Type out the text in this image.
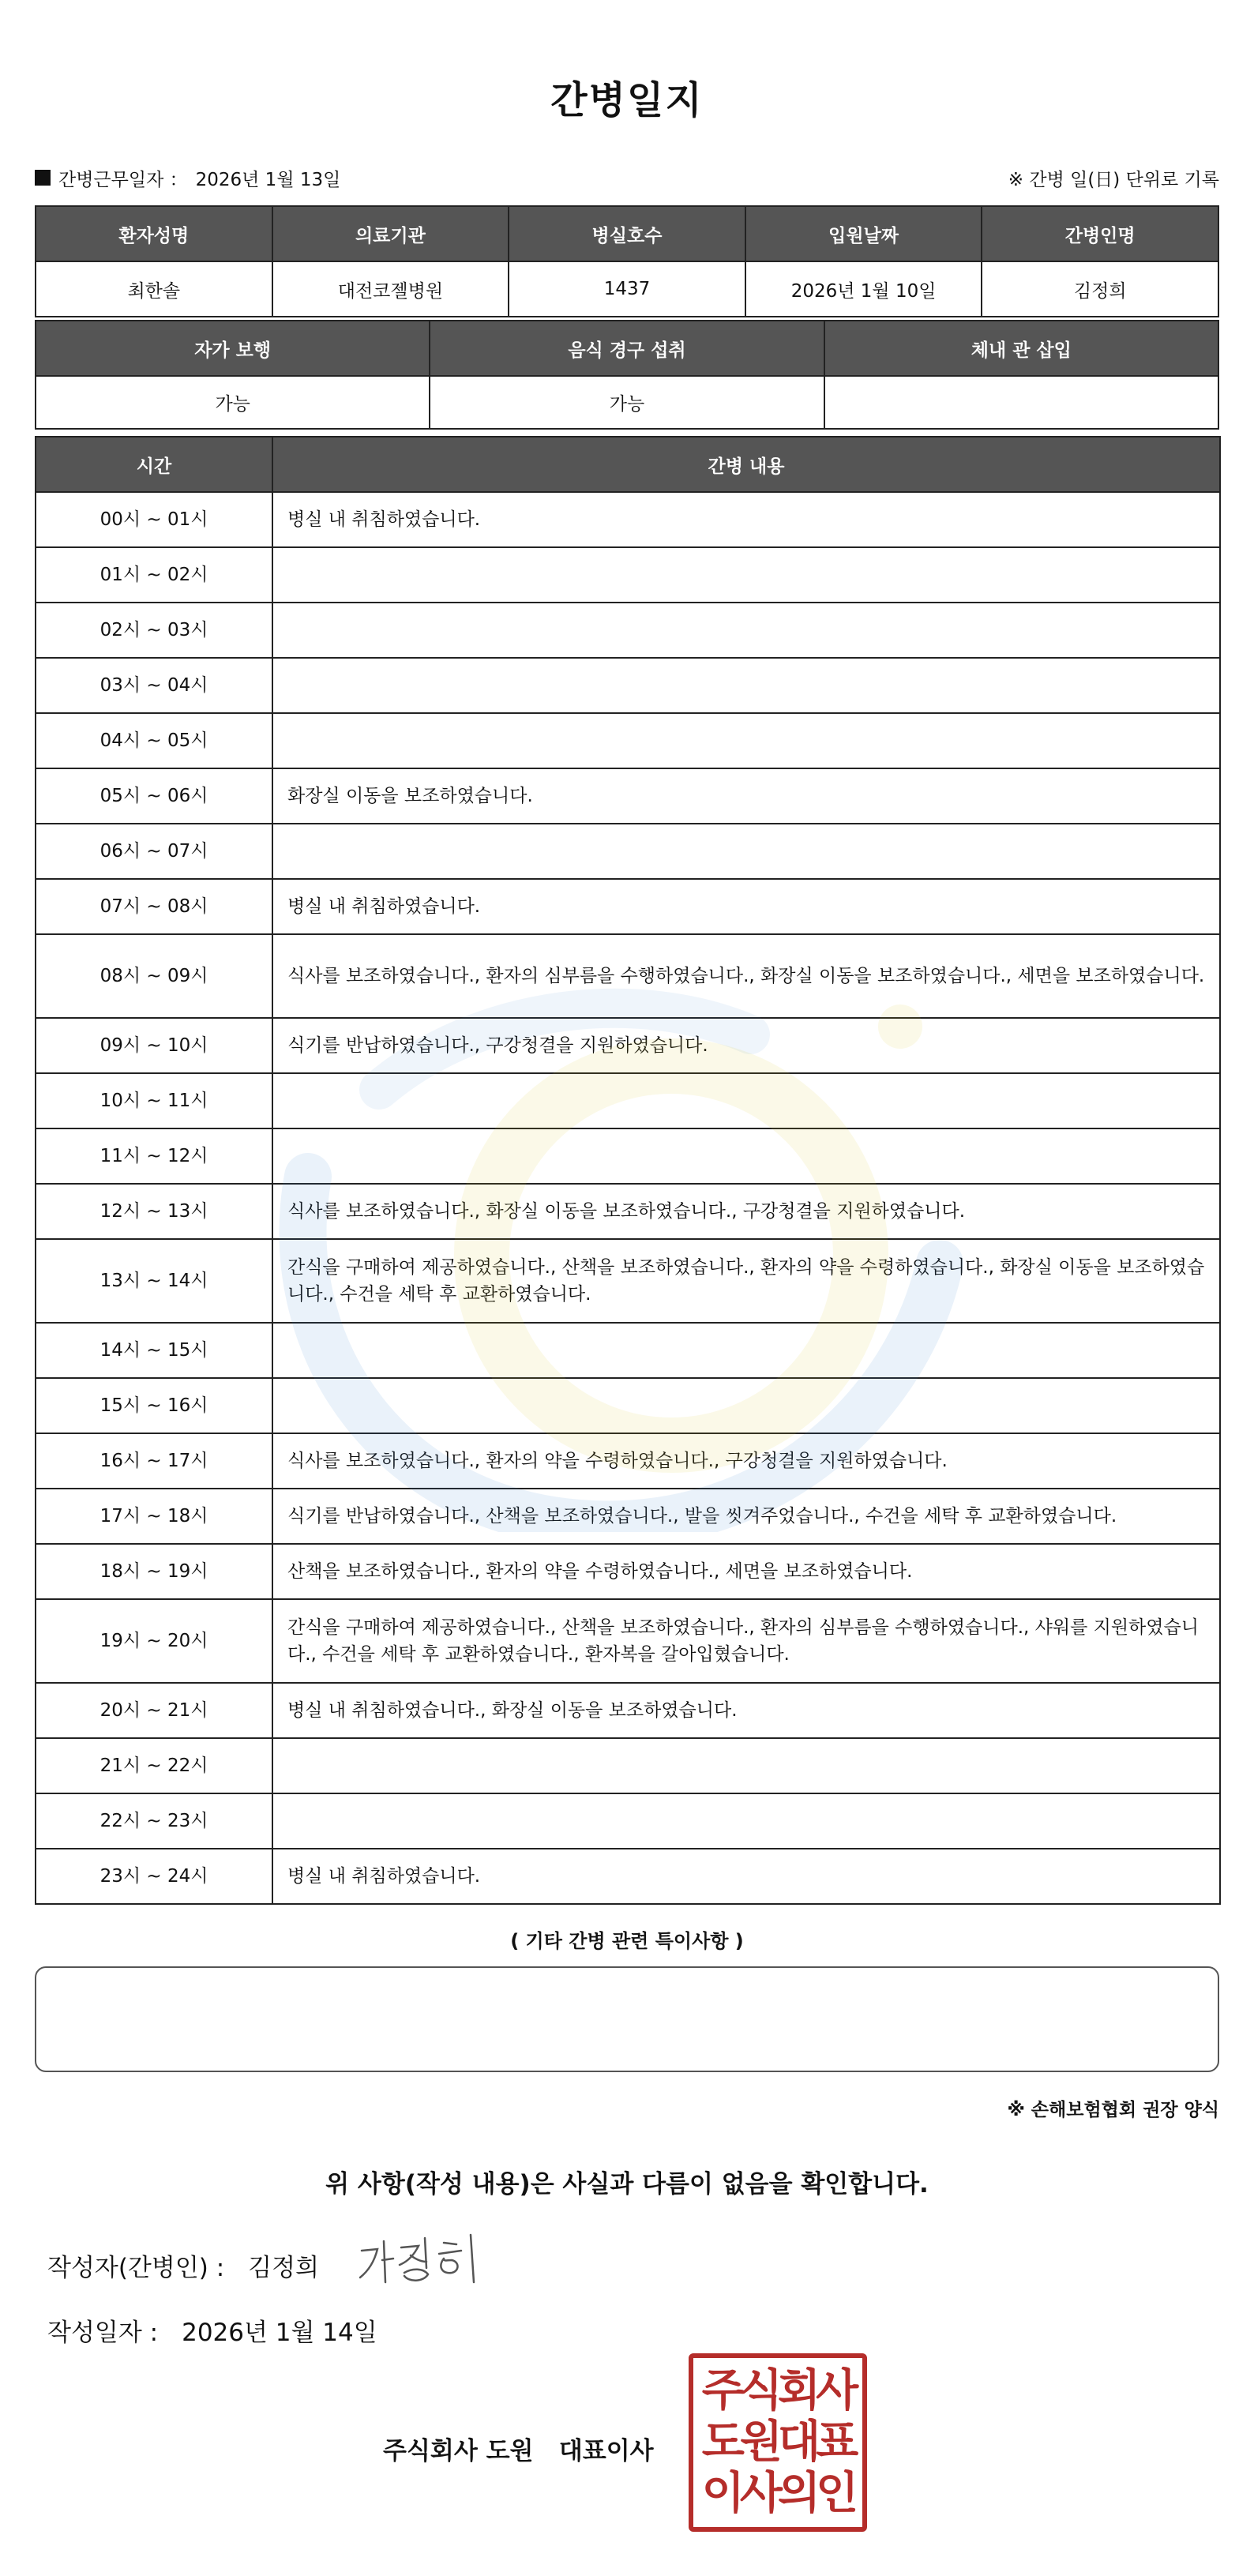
간병일지
간병근무일자 ： 2026년 1월 13일	※ 간병 일(日) 단위로 기록
환자성명	의료기관	병실호수	입원날짜	간병인명
최한솔	대전코젤병원	1437	2026년 1월 10일	김정희
자가 보행	음식 경구 섭취	체내 관 삽입
가능	가능	
시간	간병 내용
00시 ~ 01시	병실 내 취침하였습니다.
01시 ~ 02시	
02시 ~ 03시	
03시 ~ 04시	
04시 ~ 05시	
05시 ~ 06시	화장실 이동을 보조하였습니다.
06시 ~ 07시	
07시 ~ 08시	병실 내 취침하였습니다.
08시 ~ 09시	식사를 보조하였습니다., 환자의 심부름을 수행하였습니다., 화장실 이동을 보조하였습니다., 세면을 보조하였습니다.
09시 ~ 10시	식기를 반납하였습니다., 구강청결을 지원하였습니다.
10시 ~ 11시	
11시 ~ 12시	
12시 ~ 13시	식사를 보조하였습니다., 화장실 이동을 보조하였습니다., 구강청결을 지원하였습니다.
13시 ~ 14시	간식을 구매하여 제공하였습니다., 산책을 보조하였습니다., 환자의 약을 수령하였습니다., 화장실 이동을 보조하였습니다., 수건을 세탁 후 교환하였습니다.
14시 ~ 15시	
15시 ~ 16시	
16시 ~ 17시	식사를 보조하였습니다., 환자의 약을 수령하였습니다., 구강청결을 지원하였습니다.
17시 ~ 18시	식기를 반납하였습니다., 산책을 보조하였습니다., 발을 씻겨주었습니다., 수건을 세탁 후 교환하였습니다.
18시 ~ 19시	산책을 보조하였습니다., 환자의 약을 수령하였습니다., 세면을 보조하였습니다.
19시 ~ 20시	간식을 구매하여 제공하였습니다., 산책을 보조하였습니다., 환자의 심부름을 수행하였습니다., 샤워를 지원하였습니다., 수건을 세탁 후 교환하였습니다., 환자복을 갈아입혔습니다.
20시 ~ 21시	병실 내 취침하였습니다., 화장실 이동을 보조하였습니다.
21시 ~ 22시	
22시 ~ 23시	
23시 ~ 24시	병실 내 취침하였습니다.
( 기타 간병 관련 특이사항 )
※ 손해보험협회 권장 양식
위 사항(작성 내용)은 사실과 다름이 없음을 확인합니다.
작성자(간병인) : 김정희
작성일자 : 2026년 1월 14일
주식회사 도원   대표이사
주식회사
도원대표
이사의인
